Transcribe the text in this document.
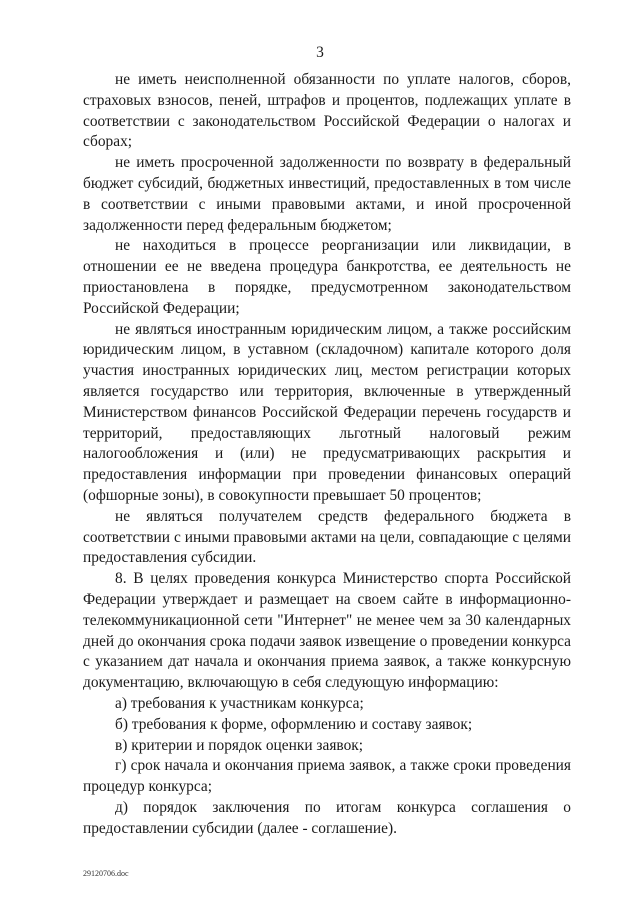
3

не иметь неисполненной обязанности по уплате налогов, сборов, страховых взносов, пеней, штрафов и процентов, подлежащих уплате в соответствии с законодательством Российской Федерации о налогах и сборах;

не иметь просроченной задолженности по возврату в федеральный бюджет субсидий, бюджетных инвестиций, предоставленных в том числе в соответствии с иными правовыми актами, и иной просроченной задолженности перед федеральным бюджетом;

не находиться в процессе реорганизации или ликвидации, в отношении ее не введена процедура банкротства, ее деятельность не приостановлена в порядке, предусмотренном законодательством Российской Федерации;

не являться иностранным юридическим лицом, а также российским юридическим лицом, в уставном (складочном) капитале которого доля участия иностранных юридических лиц, местом регистрации которых является государство или территория, включенные в утвержденный Министерством финансов Российской Федерации перечень государств и территорий, предоставляющих льготный налоговый режим налогообложения и (или) не предусматривающих раскрытия и предоставления информации при проведении финансовых операций (офшорные зоны), в совокупности превышает 50 процентов;

не являться получателем средств федерального бюджета в соответствии с иными правовыми актами на цели, совпадающие с целями предоставления субсидии.

8. В целях проведения конкурса Министерство спорта Российской Федерации утверждает и размещает на своем сайте в информационно-телекоммуникационной сети "Интернет" не менее чем за 30 календарных дней до окончания срока подачи заявок извещение о проведении конкурса с указанием дат начала и окончания приема заявок, а также конкурсную документацию, включающую в себя следующую информацию:

а) требования к участникам конкурса;

б) требования к форме, оформлению и составу заявок;

в) критерии и порядок оценки заявок;

г) срок начала и окончания приема заявок, а также сроки проведения процедур конкурса;

д) порядок заключения по итогам конкурса соглашения о предоставлении субсидии (далее - соглашение).

29120706.doc
